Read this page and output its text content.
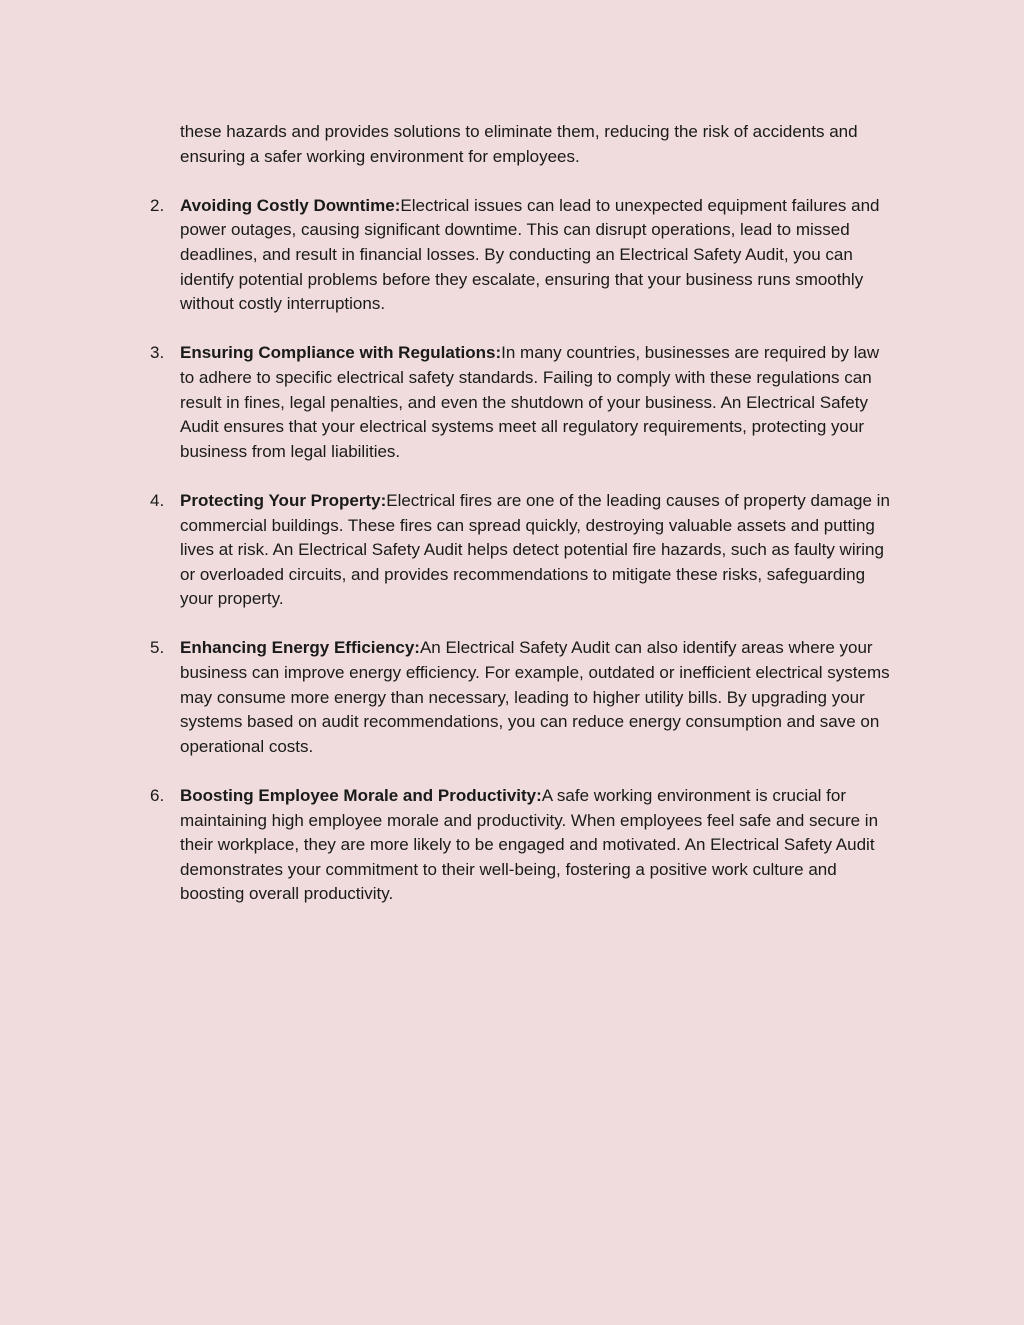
these hazards and provides solutions to eliminate them, reducing the risk of accidents and ensuring a safer working environment for employees.

2. Avoiding Costly Downtime:Electrical issues can lead to unexpected equipment failures and power outages, causing significant downtime. This can disrupt operations, lead to missed deadlines, and result in financial losses. By conducting an Electrical Safety Audit, you can identify potential problems before they escalate, ensuring that your business runs smoothly without costly interruptions.
3. Ensuring Compliance with Regulations:In many countries, businesses are required by law to adhere to specific electrical safety standards. Failing to comply with these regulations can result in fines, legal penalties, and even the shutdown of your business. An Electrical Safety Audit ensures that your electrical systems meet all regulatory requirements, protecting your business from legal liabilities.
4. Protecting Your Property:Electrical fires are one of the leading causes of property damage in commercial buildings. These fires can spread quickly, destroying valuable assets and putting lives at risk. An Electrical Safety Audit helps detect potential fire hazards, such as faulty wiring or overloaded circuits, and provides recommendations to mitigate these risks, safeguarding your property.
5. Enhancing Energy Efficiency:An Electrical Safety Audit can also identify areas where your business can improve energy efficiency. For example, outdated or inefficient electrical systems may consume more energy than necessary, leading to higher utility bills. By upgrading your systems based on audit recommendations, you can reduce energy consumption and save on operational costs.
6. Boosting Employee Morale and Productivity:A safe working environment is crucial for maintaining high employee morale and productivity. When employees feel safe and secure in their workplace, they are more likely to be engaged and motivated. An Electrical Safety Audit demonstrates your commitment to their well-being, fostering a positive work culture and boosting overall productivity.
